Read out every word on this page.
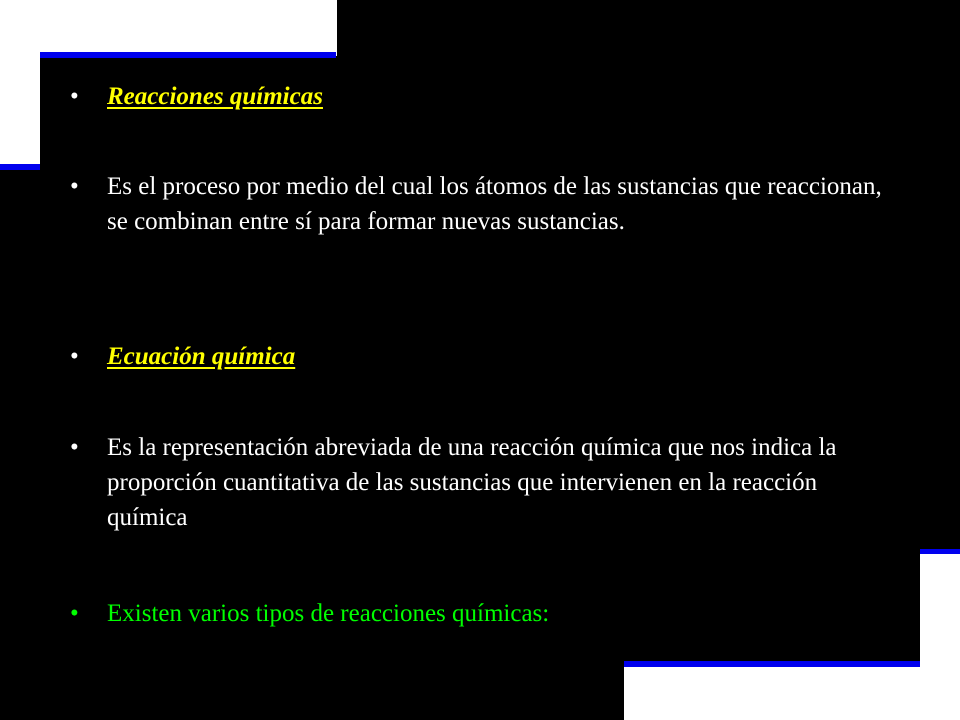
• Reacciones químicas
• Es el proceso por medio del cual los átomos de las sustancias que reaccionan, se combinan entre sí para formar nuevas sustancias.
• Ecuación química
• Es la representación abreviada de una reacción química que nos indica la proporción cuantitativa de las sustancias que intervienen en la reacción química
• Existen varios tipos de reacciones químicas:
